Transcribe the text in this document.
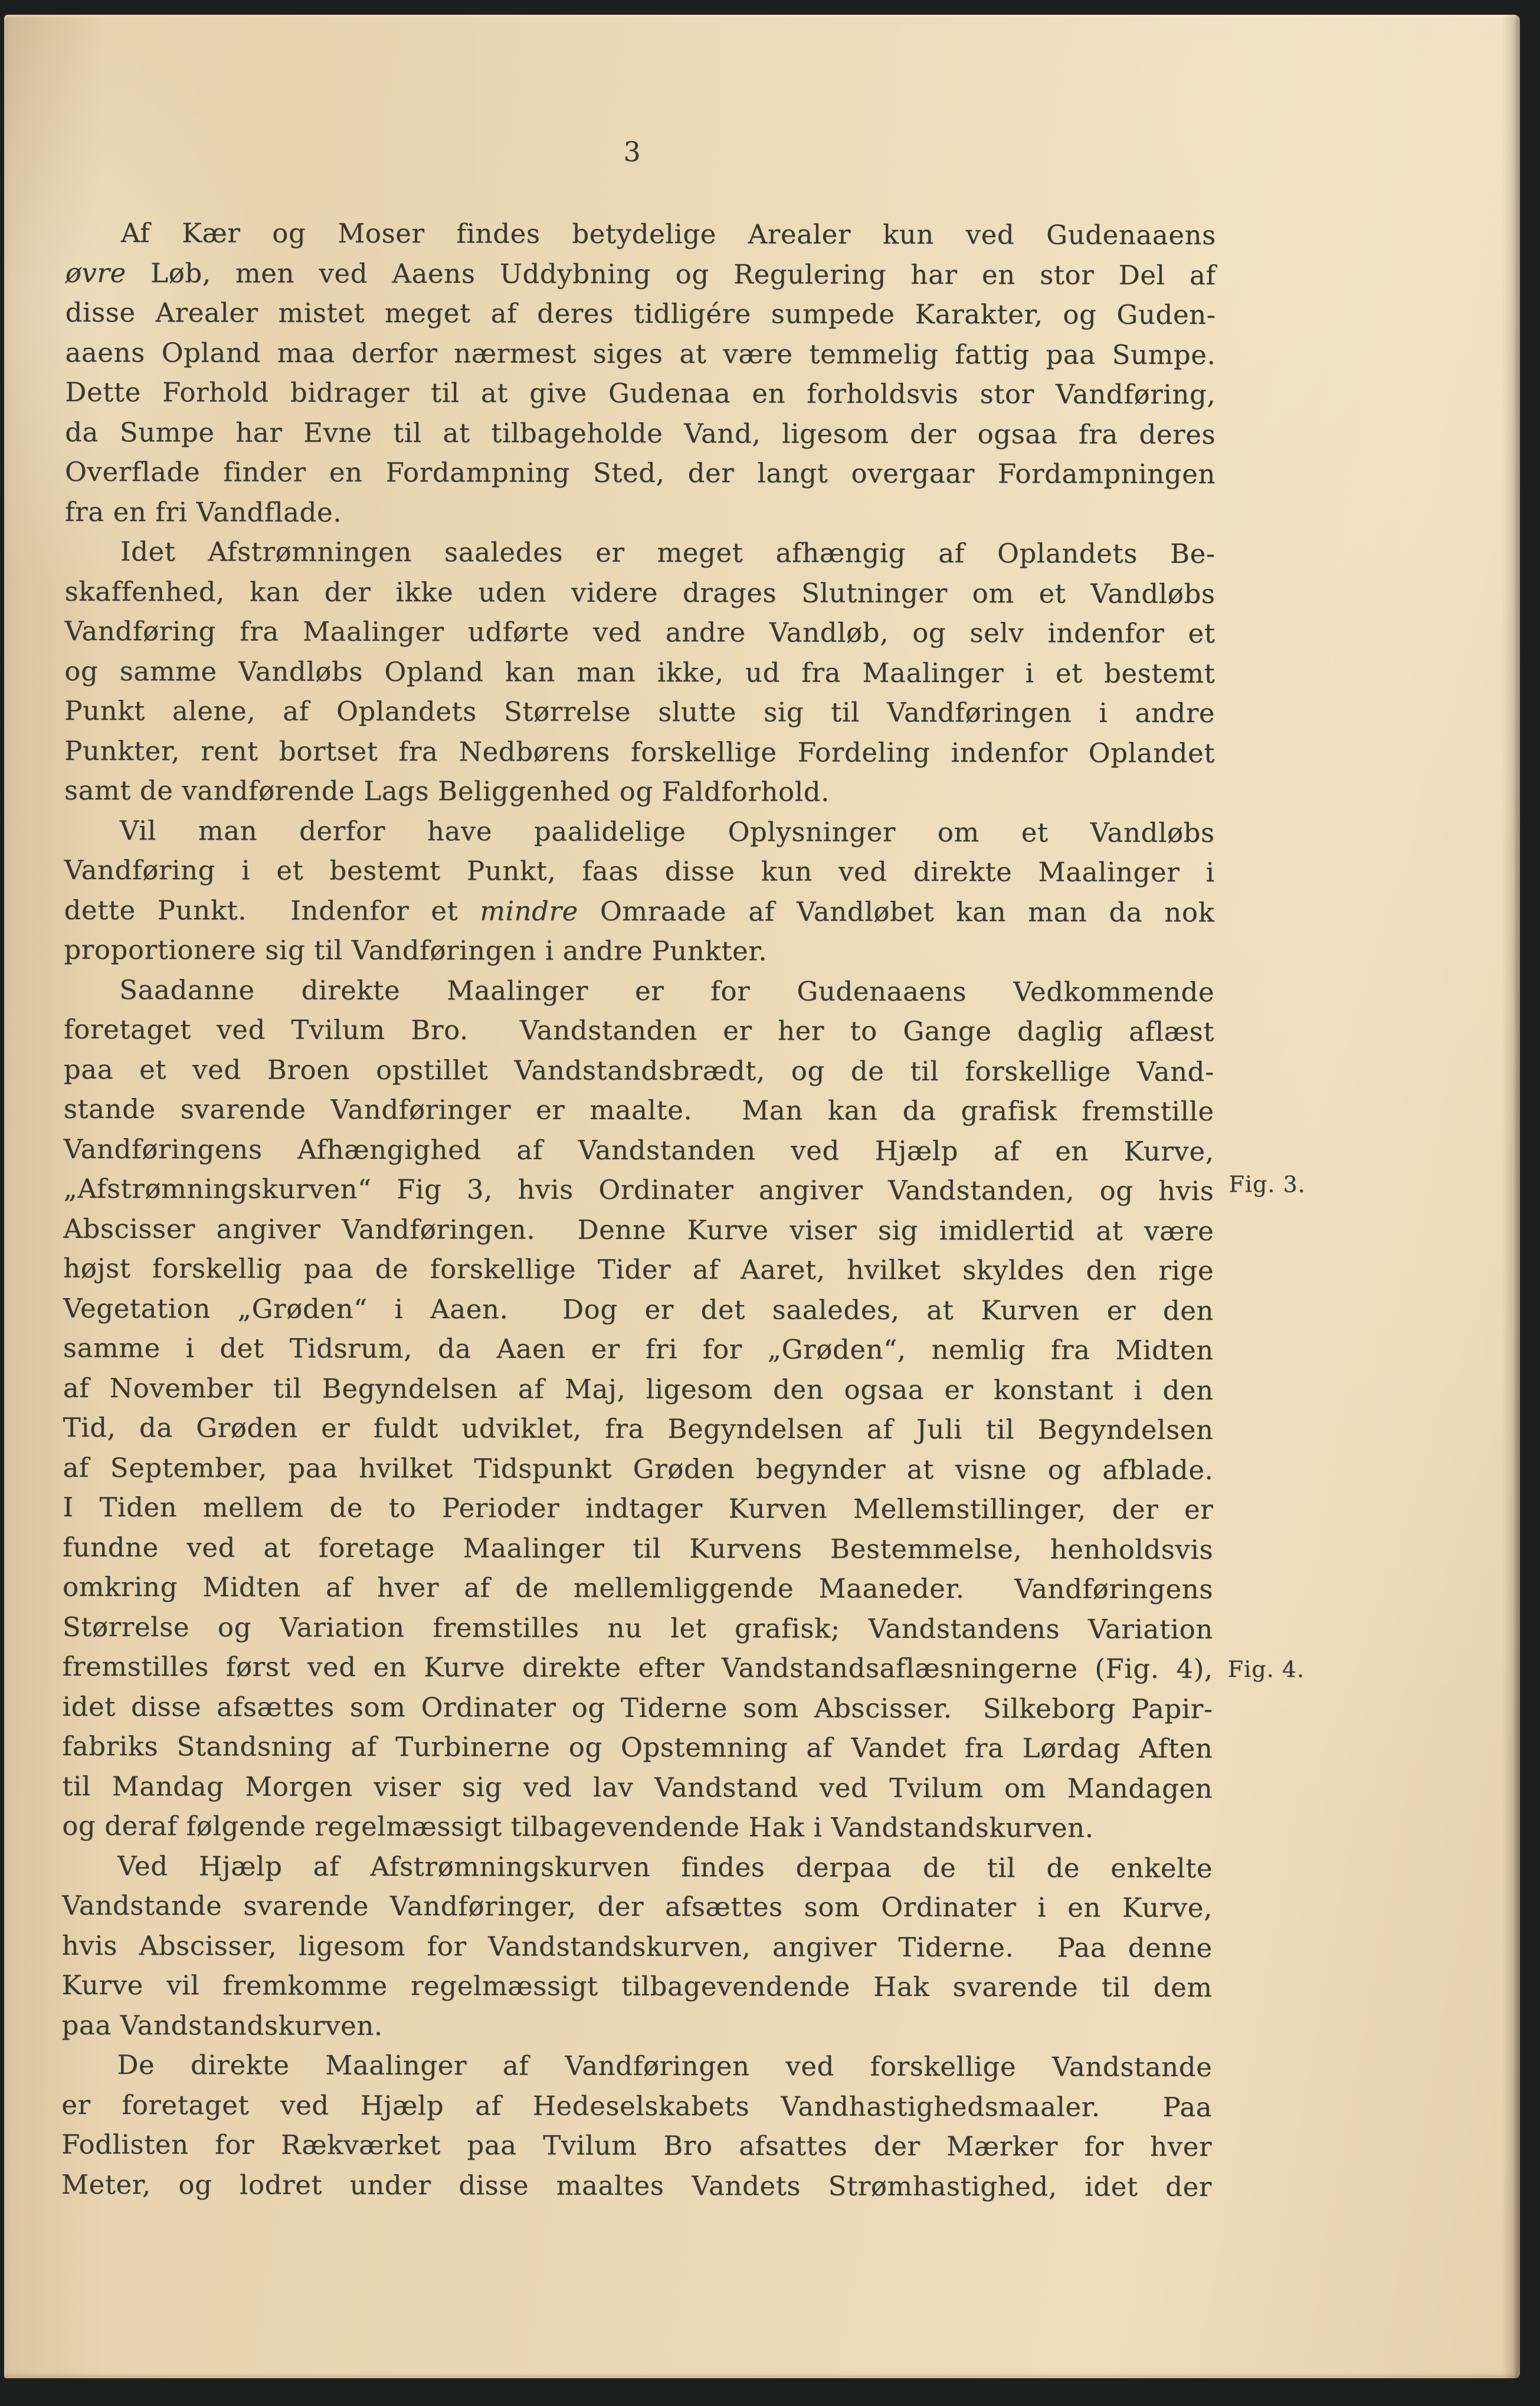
3
Af Kær og Moser findes betydelige Arealer kun ved Gudenaaens
øvre Løb, men ved Aaens Uddybning og Regulering har en stor Del af
disse Arealer mistet meget af deres tidligére sumpede Karakter, og Guden-
aaens Opland maa derfor nærmest siges at være temmelig fattig paa Sumpe.
Dette Forhold bidrager til at give Gudenaa en forholdsvis stor Vandføring,
da Sumpe har Evne til at tilbageholde Vand, ligesom der ogsaa fra deres
Overflade finder en Fordampning Sted, der langt overgaar Fordampningen
fra en fri Vandflade.
Idet Afstrømningen saaledes er meget afhængig af Oplandets Be-
skaffenhed, kan der ikke uden videre drages Slutninger om et Vandløbs
Vandføring fra Maalinger udførte ved andre Vandløb, og selv indenfor et
og samme Vandløbs Opland kan man ikke, ud fra Maalinger i et bestemt
Punkt alene, af Oplandets Størrelse slutte sig til Vandføringen i andre
Punkter, rent bortset fra Nedbørens forskellige Fordeling indenfor Oplandet
samt de vandførende Lags Beliggenhed og Faldforhold.
Vil man derfor have paalidelige Oplysninger om et Vandløbs
Vandføring i et bestemt Punkt, faas disse kun ved direkte Maalinger i
dette Punkt.  Indenfor et mindre Omraade af Vandløbet kan man da nok
proportionere sig til Vandføringen i andre Punkter.
Saadanne direkte Maalinger er for Gudenaaens Vedkommende
foretaget ved Tvilum Bro.  Vandstanden er her to Gange daglig aflæst
paa et ved Broen opstillet Vandstandsbrædt, og de til forskellige Vand-
stande svarende Vandføringer er maalte.  Man kan da grafisk fremstille
Vandføringens Afhængighed af Vandstanden ved Hjælp af en Kurve,
„Afstrømningskurven“ Fig 3, hvis Ordinater angiver Vandstanden, og hvis
Abscisser angiver Vandføringen.  Denne Kurve viser sig imidlertid at være
højst forskellig paa de forskellige Tider af Aaret, hvilket skyldes den rige
Vegetation „Grøden“ i Aaen.  Dog er det saaledes, at Kurven er den
samme i det Tidsrum, da Aaen er fri for „Grøden“, nemlig fra Midten
af November til Begyndelsen af Maj, ligesom den ogsaa er konstant i den
Tid, da Grøden er fuldt udviklet, fra Begyndelsen af Juli til Begyndelsen
af September, paa hvilket Tidspunkt Grøden begynder at visne og afblade.
I Tiden mellem de to Perioder indtager Kurven Mellemstillinger, der er
fundne ved at foretage Maalinger til Kurvens Bestemmelse, henholdsvis
omkring Midten af hver af de mellemliggende Maaneder.  Vandføringens
Størrelse og Variation fremstilles nu let grafisk; Vandstandens Variation
fremstilles først ved en Kurve direkte efter Vandstandsaflæsningerne (Fig. 4),
idet disse afsættes som Ordinater og Tiderne som Abscisser.  Silkeborg Papir-
fabriks Standsning af Turbinerne og Opstemning af Vandet fra Lørdag Aften
til Mandag Morgen viser sig ved lav Vandstand ved Tvilum om Mandagen
og deraf følgende regelmæssigt tilbagevendende Hak i Vandstandskurven.
Ved Hjælp af Afstrømningskurven findes derpaa de til de enkelte
Vandstande svarende Vandføringer, der afsættes som Ordinater i en Kurve,
hvis Abscisser, ligesom for Vandstandskurven, angiver Tiderne.  Paa denne
Kurve vil fremkomme regelmæssigt tilbagevendende Hak svarende til dem
paa Vandstandskurven.
De direkte Maalinger af Vandføringen ved forskellige Vandstande
er foretaget ved Hjælp af Hedeselskabets Vandhastighedsmaaler.  Paa
Fodlisten for Rækværket paa Tvilum Bro afsattes der Mærker for hver
Meter, og lodret under disse maaltes Vandets Strømhastighed, idet der
Fig. 3.
Fig. 4.
